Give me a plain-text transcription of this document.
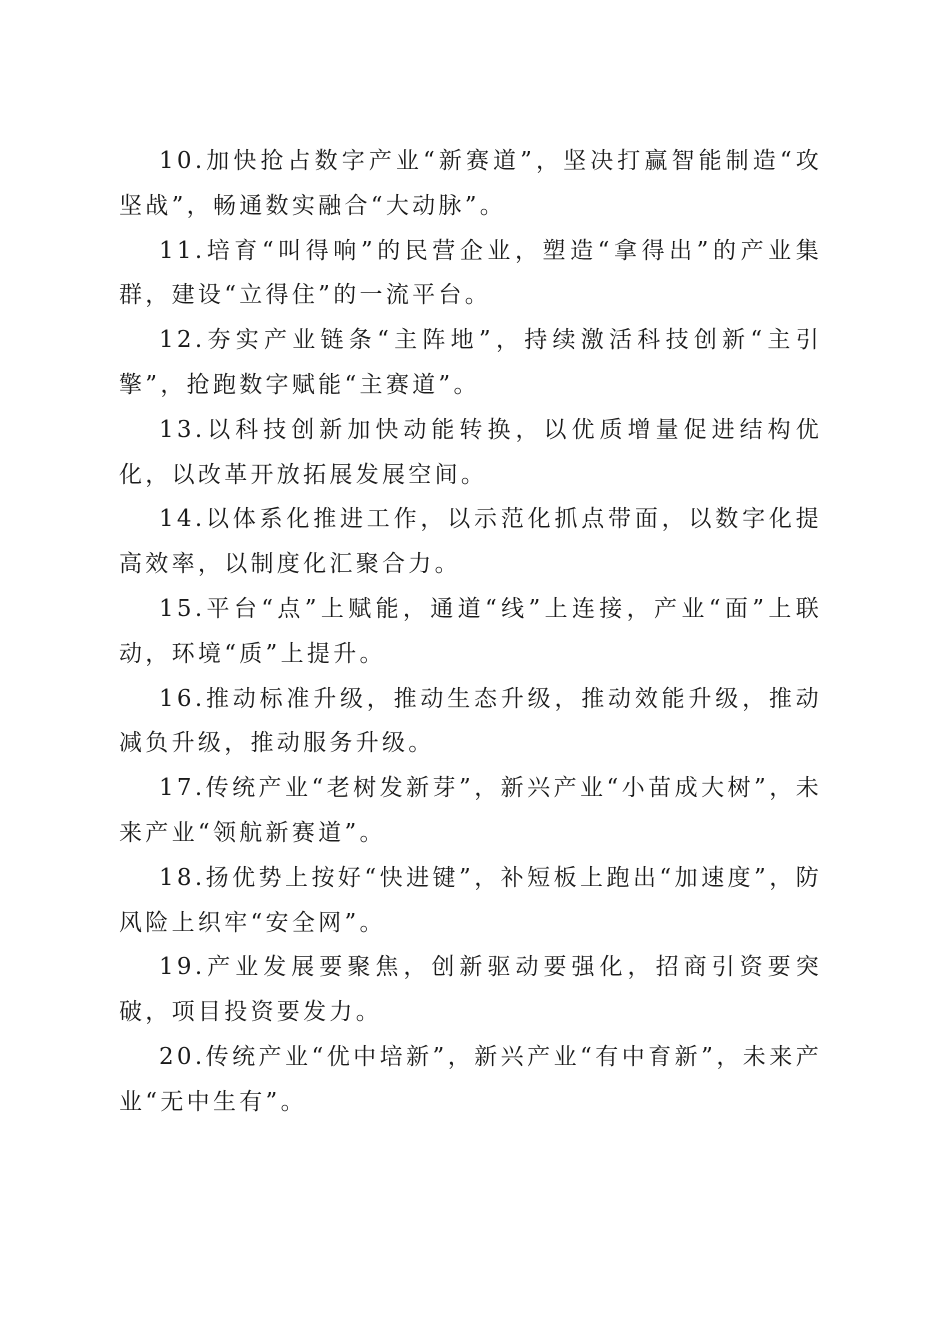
10.加快抢占数字产业“新赛道”，坚决打赢智能制造“攻坚战”，畅通数实融合“大动脉”。

11.培育“叫得响”的民营企业，塑造“拿得出”的产业集群，建设“立得住”的一流平台。

12.夯实产业链条“主阵地”，持续激活科技创新“主引擎”，抢跑数字赋能“主赛道”。

13.以科技创新加快动能转换，以优质增量促进结构优化，以改革开放拓展发展空间。

14.以体系化推进工作，以示范化抓点带面，以数字化提高效率，以制度化汇聚合力。

15.平台“点”上赋能，通道“线”上连接，产业“面”上联动，环境“质”上提升。

16.推动标准升级，推动生态升级，推动效能升级，推动减负升级，推动服务升级。

17.传统产业“老树发新芽”，新兴产业“小苗成大树”，未来产业“领航新赛道”。

18.扬优势上按好“快进键”，补短板上跑出“加速度”，防风险上织牢“安全网”。

19.产业发展要聚焦，创新驱动要强化，招商引资要突破，项目投资要发力。

20.传统产业“优中培新”，新兴产业“有中育新”，未来产业“无中生有”。
